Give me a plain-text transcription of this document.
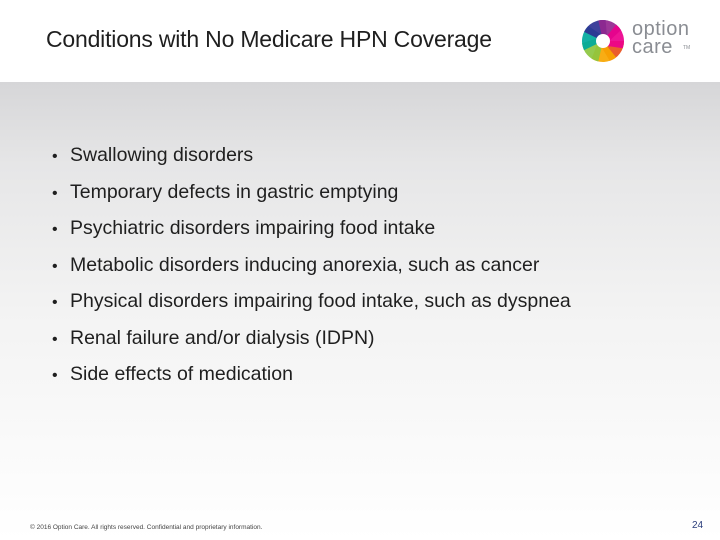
Conditions with No Medicare HPN Coverage	option
care	TM
• Swallowing disorders
• Temporary defects in gastric emptying
• Psychiatric disorders impairing food intake
• Metabolic disorders inducing anorexia, such as cancer
• Physical disorders impairing food intake, such as dyspnea
• Renal failure and/or dialysis (IDPN)
• Side effects of medication
© 2016 Option Care. All rights reserved. Confidential and proprietary information.	24
